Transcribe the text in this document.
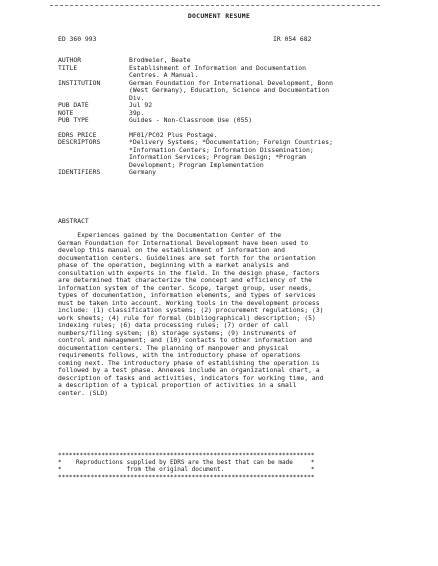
DOCUMENT RESUME
ED 360 993	IR 054 682
AUTHOR	Brodmeier, Beate
TITLE	Establishment of Information and Documentation
Centres. A Manual.
INSTITUTION	German Foundation for International Development, Bonn
(West Germany), Education, Science and Documentation
Div.
PUB DATE	Jul 92
NOTE	39p.
PUB TYPE	Guides - Non-Classroom Use (055)
EDRS PRICE	MF01/PC02 Plus Postage.
DESCRIPTORS	*Delivery Systems; *Documentation; Foreign Countries;
*Information Centers; Information Dissemination;
Information Services; Program Design; *Program
Development; Program Implementation
IDENTIFIERS	Germany
ABSTRACT
Experiences gained by the Documentation Center of the
German Foundation for International Development have been used to
develop this manual on the establishment of information and
documentation centers. Guidelines are set forth for the orientation
phase of the operation, beginning with a market analysis and
consultation with experts in the field. In the design phase, factors
are determined that characterize the concept and efficiency of the
information system of the center. Scope, target group, user needs,
types of documentation, information elements, and types of services
must be taken into account. Working tools in the development process
include: (1) classification systems; (2) procurement regulations; (3)
work sheets; (4) rule for formal (bibliographical) description; (5)
indexing rules; (6) data processing rules; (7) order of call
numbers/filing system; (8) storage systems; (9) instruments of
control and management; and (10) contacts to other information and
documentation centers. The planning of manpower and physical
requirements follows, with the introductory phase of operations
coming next. The introductory phase of establishing the operation is
followed by a test phase. Annexes include an organizational chart, a
description of tasks and activities, indicators for working time, and
a description of a typical proportion of activities in a small
center. (SLD)
***********************************************************************
*    Reproductions supplied by EDRS are the best that can be made     *
*                  from the original document.                        *
***********************************************************************
